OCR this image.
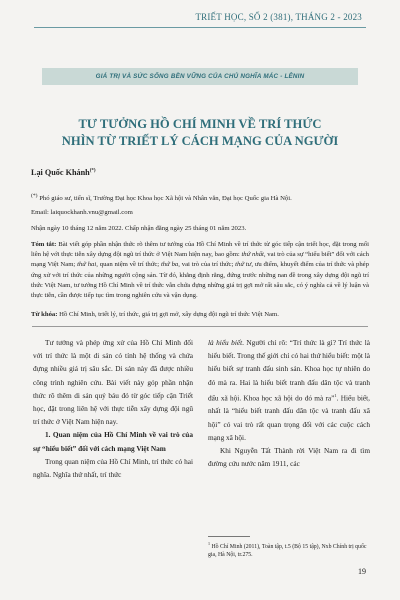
TRIẾT HỌC, SỐ 2 (381), THÁNG 2 - 2023
GIÁ TRỊ VÀ SỨC SỐNG BỀN VỮNG CỦA CHỦ NGHĨA MÁC - LÊNIN
TƯ TƯỞNG HỒ CHÍ MINH VỀ TRÍ THỨC
NHÌN TỪ TRIẾT LÝ CÁCH MẠNG CỦA NGƯỜI
Lại Quốc Khánh(*)
(*) Phó giáo sư, tiến sĩ, Trường Đại học Khoa học Xã hội và Nhân văn, Đại học Quốc gia Hà Nội.
Email: laiquockhanh.vnu@gmail.com
Nhận ngày 10 tháng 12 năm 2022. Chấp nhận đăng ngày 25 tháng 01 năm 2023.
Tóm tắt: Bài viết góp phần nhận thức rõ thêm tư tưởng của Hồ Chí Minh về trí thức từ góc tiếp cận triết học, đặt trong mối liên hệ với thực tiễn xây dựng đội ngũ trí thức ở Việt Nam hiện nay, bao gồm: thứ nhất, vai trò của sự “hiểu biết” đối với cách mạng Việt Nam; thứ hai, quan niệm về trí thức; thứ ba, vai trò của trí thức; thứ tư, ưu điểm, khuyết điểm của trí thức và phép ứng xử với trí thức của những người cộng sản. Từ đó, khẳng định rằng, đứng trước những nan đề trong xây dựng đội ngũ trí thức Việt Nam, tư tưởng Hồ Chí Minh về trí thức vẫn chứa đựng những giá trị gợi mở rất sâu sắc, có ý nghĩa cả về lý luận và thực tiễn, cần được tiếp tục tìm trong nghiên cứu và vận dụng.
Từ khóa: Hồ Chí Minh, triết lý, trí thức, giá trị gợi mở, xây dựng đội ngũ trí thức Việt Nam.

Tư tưởng và phép ứng xử của Hồ Chí Minh đối với trí thức là một di sản có tính hệ thống và chứa đựng nhiều giá trị sâu sắc. Di sản này đã được nhiều công trình nghiên cứu. Bài viết này góp phần nhận thức rõ thêm di sản quý báu đó từ góc tiếp cận Triết học, đặt trong liên hệ với thực tiễn xây dựng đội ngũ trí thức ở Việt Nam hiện nay.

1. Quan niệm của Hồ Chí Minh về vai trò của sự “hiểu biết” đối với cách mạng Việt Nam

Trong quan niệm của Hồ Chí Minh, trí thức có hai nghĩa. Nghĩa thứ nhất, trí thức

là hiểu biết. Người chỉ rõ: “Trí thức là gì? Trí thức là hiểu biết. Trong thế giới chỉ có hai thứ hiểu biết: một là hiểu biết sự tranh đấu sinh sản. Khoa học tự nhiên do đó mà ra. Hai là hiểu biết tranh đấu dân tộc và tranh đấu xã hội. Khoa học xã hội do đó mà ra”$^1$. Hiểu biết, nhất là “hiểu biết tranh đấu dân tộc và tranh đấu xã hội” có vai trò rất quan trọng đối với các cuộc cách mạng xã hội.

Khi Nguyễn Tất Thành rời Việt Nam ra đi tìm đường cứu nước năm 1911, các

$^1$ Hồ Chí Minh (2011), Toàn tập, t.5 (Bộ 15 tập), Nxb Chính trị quốc gia, Hà Nội, tr.275.
19
